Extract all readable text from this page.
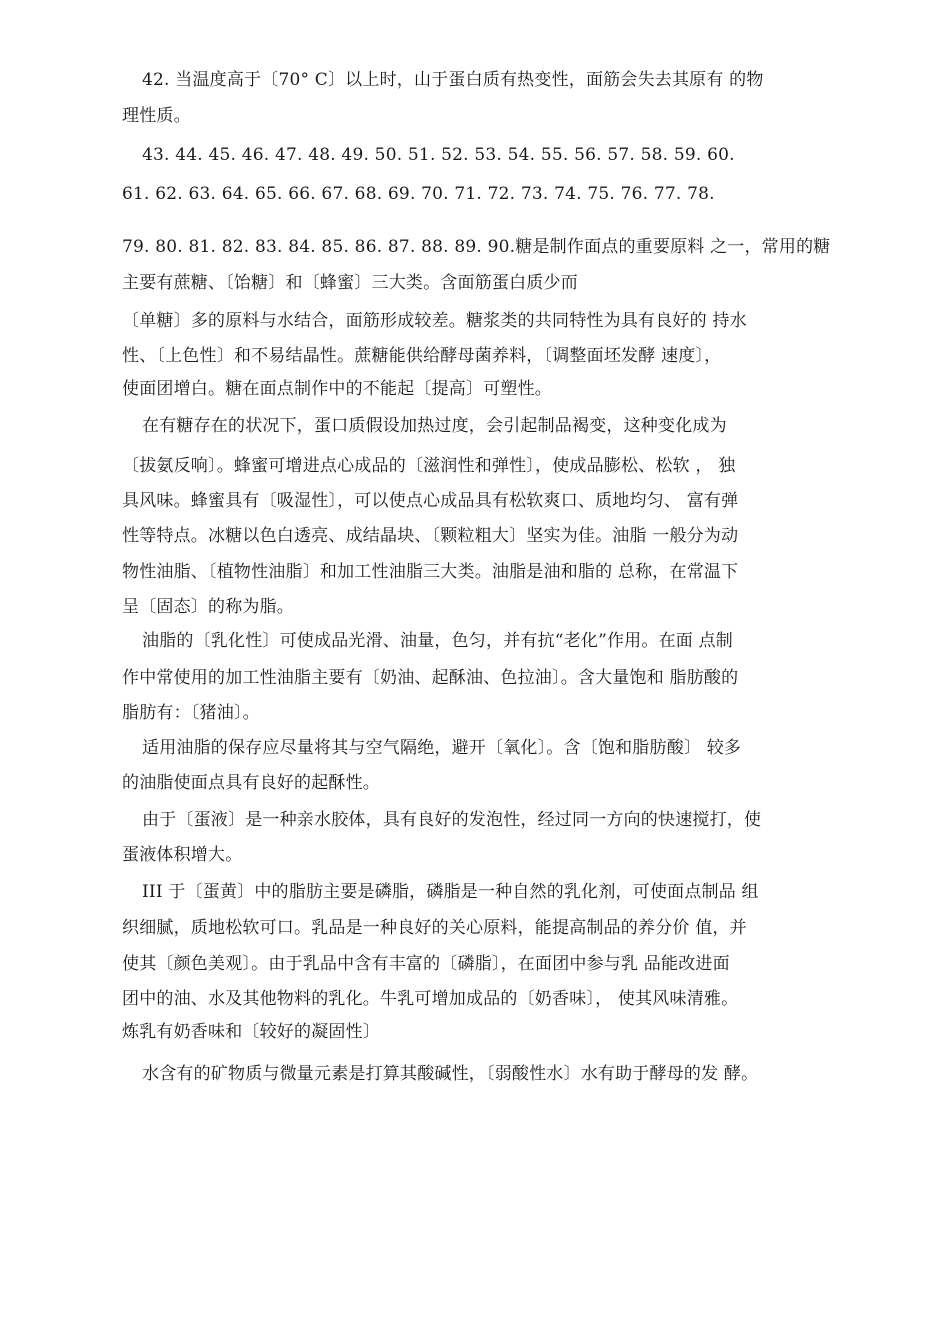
42. 当温度高于〔70° C〕以上时，山于蛋白质有热变性，面筋会失去其原有 的物
理性质。
43. 44. 45. 46. 47. 48. 49. 50. 51. 52. 53. 54. 55. 56. 57. 58. 59. 60.
61. 62. 63. 64. 65. 66. 67. 68. 69. 70. 71. 72. 73. 74. 75. 76. 77. 78.
79. 80. 81. 82. 83. 84. 85. 86. 87. 88. 89. 90.糖是制作面点的重要原料 之一，常用的糖
主要有蔗糖、〔饴糖〕和〔蜂蜜〕三大类。含面筋蛋白质少而
〔单糖〕多的原料与水结合，面筋形成较差。糖浆类的共同特性为具有良好的 持水
性、〔上色性〕和不易结晶性。蔗糖能供给酵母菌养料，〔调整面坯发酵 速度〕，
使面团增白。糖在面点制作中的不能起〔提高〕可塑性。
在有糖存在的状况下，蛋口质假设加热过度，会引起制品褐变，这种变化成为
〔拔氨反响〕。蜂蜜可增进点心成品的〔滋润性和弹性〕，使成品膨松、松软 ， 独
具风味。蜂蜜具有〔吸湿性〕，可以使点心成品具有松软爽口、质地均匀、 富有弹
性等特点。冰糖以色白透亮、成结晶块、〔颗粒粗大〕坚实为佳。油脂 一般分为动
物性油脂、〔植物性油脂〕和加工性油脂三大类。油脂是油和脂的 总称，在常温下
呈〔固态〕的称为脂。
油脂的〔乳化性〕可使成品光滑、油量，色匀，并有抗“老化”作用。在面 点制
作中常使用的加工性油脂主要有〔奶油、起酥油、色拉油〕。含大量饱和 脂肪酸的
脂肪有：〔猪油〕。
适用油脂的保存应尽量将其与空气隔绝，避开〔氧化〕。含〔饱和脂肪酸〕 较多
的油脂使面点具有良好的起酥性。
由于〔蛋液〕是一种亲水胶体，具有良好的发泡性，经过同一方向的快速搅打，使
蛋液体积增大。
III 于〔蛋黄〕中的脂肪主要是磷脂，磷脂是一种自然的乳化剂，可使面点制品 组
织细腻，质地松软可口。乳品是一种良好的关心原料，能提高制品的养分价 值，并
使其〔颜色美观〕。由于乳品中含有丰富的〔磷脂〕，在面团中参与乳 品能改进面
团中的油、水及其他物料的乳化。牛乳可增加成品的〔奶香味〕， 使其风味清雅。
炼乳有奶香味和〔较好的凝固性〕
水含有的矿物质与微量元素是打算其酸碱性，〔弱酸性水〕水有助于酵母的发 酵。
